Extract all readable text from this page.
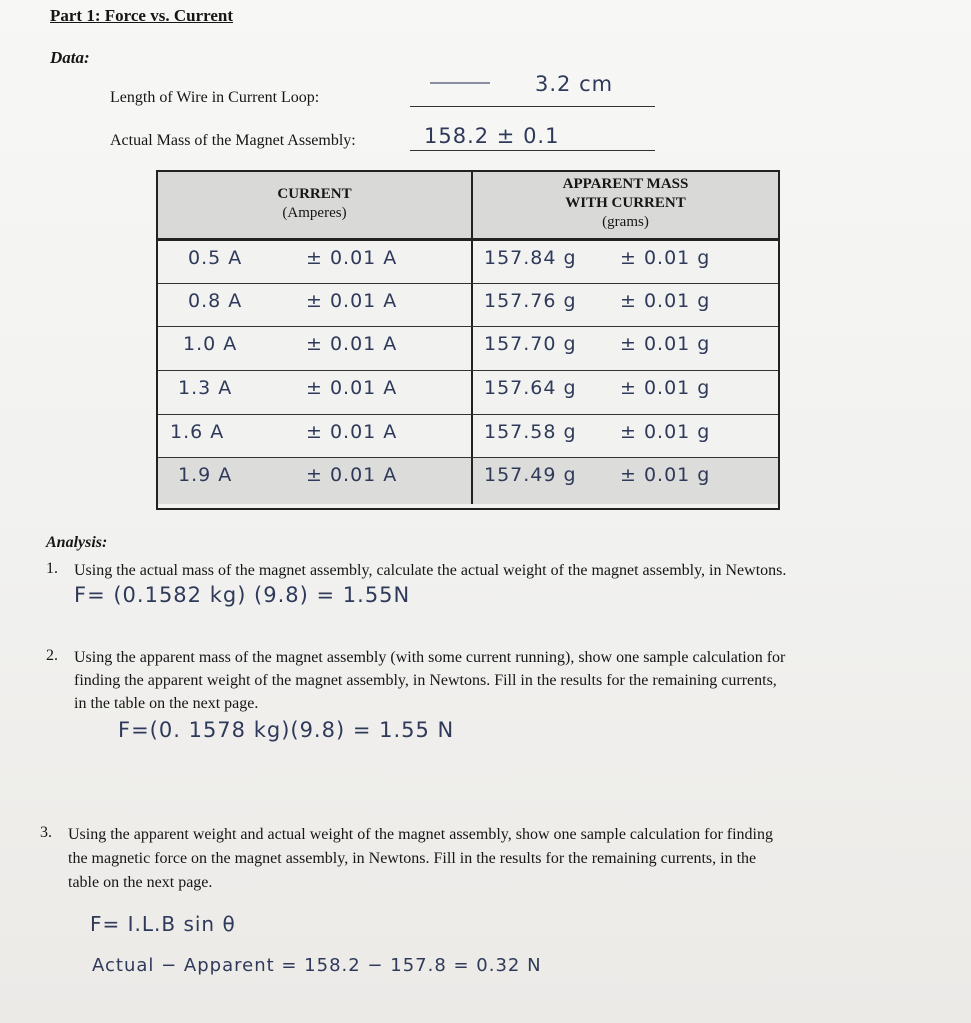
Part 1: Force vs. Current
Data:
Length of Wire in Current Loop:
3.2 cm
Actual Mass of the Magnet Assembly:	158.2 ± 0.1
CURRENT
(Amperes)
APPARENT MASS
WITH CURRENT
(grams)
0.5 A	± 0.01 A	157.84 g ± 0.01 g
0.8 A	± 0.01 A	157.76 g ± 0.01 g
1.0 A	± 0.01 A	157.70 g ± 0.01 g
1.3 A	± 0.01 A	157.64 g ± 0.01 g
1.6 A	± 0.01 A	157.58 g ± 0.01 g
1.9 A	± 0.01 A	157.49 g ± 0.01 g
Analysis:
1. Using the actual mass of the magnet assembly, calculate the actual weight of the magnet assembly, in Newtons.
F= (0.1582 kg) (9.8) = 1.55N
2. Using the apparent mass of the magnet assembly (with some current running), show one sample calculation for
finding the apparent weight of the magnet assembly, in Newtons. Fill in the results for the remaining currents,
in the table on the next page.
F=(0. 1578 kg)(9.8) = 1.55 N
3. Using the apparent weight and actual weight of the magnet assembly, show one sample calculation for finding
the magnetic force on the magnet assembly, in Newtons. Fill in the results for the remaining currents, in the
table on the next page.
F= I.L.B sin θ
Actual − Apparent = 158.2 − 157.8 = 0.32 N
